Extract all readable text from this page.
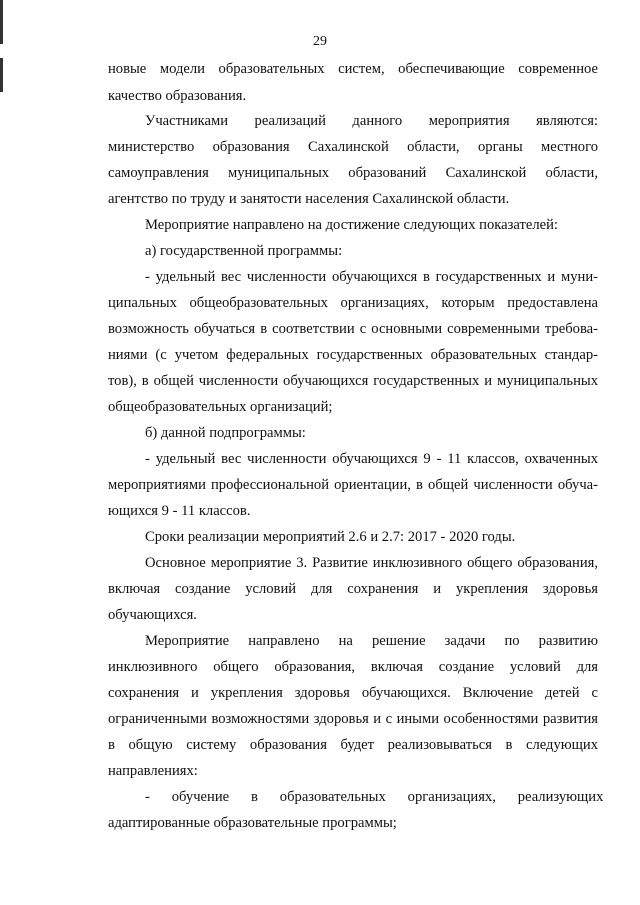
29
новые модели образовательных систем, обеспечивающие современное
качество образования.
Участниками реализаций данного мероприятия являются:
министерство образования Сахалинской области, органы местного
самоуправления муниципальных образований Сахалинской области,
агентство по труду и занятости населения Сахалинской области.
Мероприятие направлено на достижение следующих показателей:
а) государственной программы:
- удельный вес численности обучающихся в государственных и муни-
ципальных общеобразовательных организациях, которым предоставлена
возможность обучаться в соответствии с основными современными требова-
ниями (с учетом федеральных государственных образовательных стандар-
тов), в общей численности обучающихся государственных и муниципальных
общеобразовательных организаций;
б) данной подпрограммы:
- удельный вес численности обучающихся 9 - 11 классов, охваченных
мероприятиями профессиональной ориентации, в общей численности обуча-
ющихся 9 - 11 классов.
Сроки реализации мероприятий 2.6 и 2.7: 2017 - 2020 годы.
Основное мероприятие 3. Развитие инклюзивного общего образования,
включая создание условий для сохранения и укрепления здоровья
обучающихся.
Мероприятие направлено на решение задачи по развитию
инклюзивного общего образования, включая создание условий для
сохранения и укрепления здоровья обучающихся. Включение детей с
ограниченными возможностями здоровья и с иными особенностями развития
в общую систему образования будет реализовываться в следующих
направлениях:
-      обучение      в      образовательных      организациях,      реализующих
адаптированные образовательные программы;
